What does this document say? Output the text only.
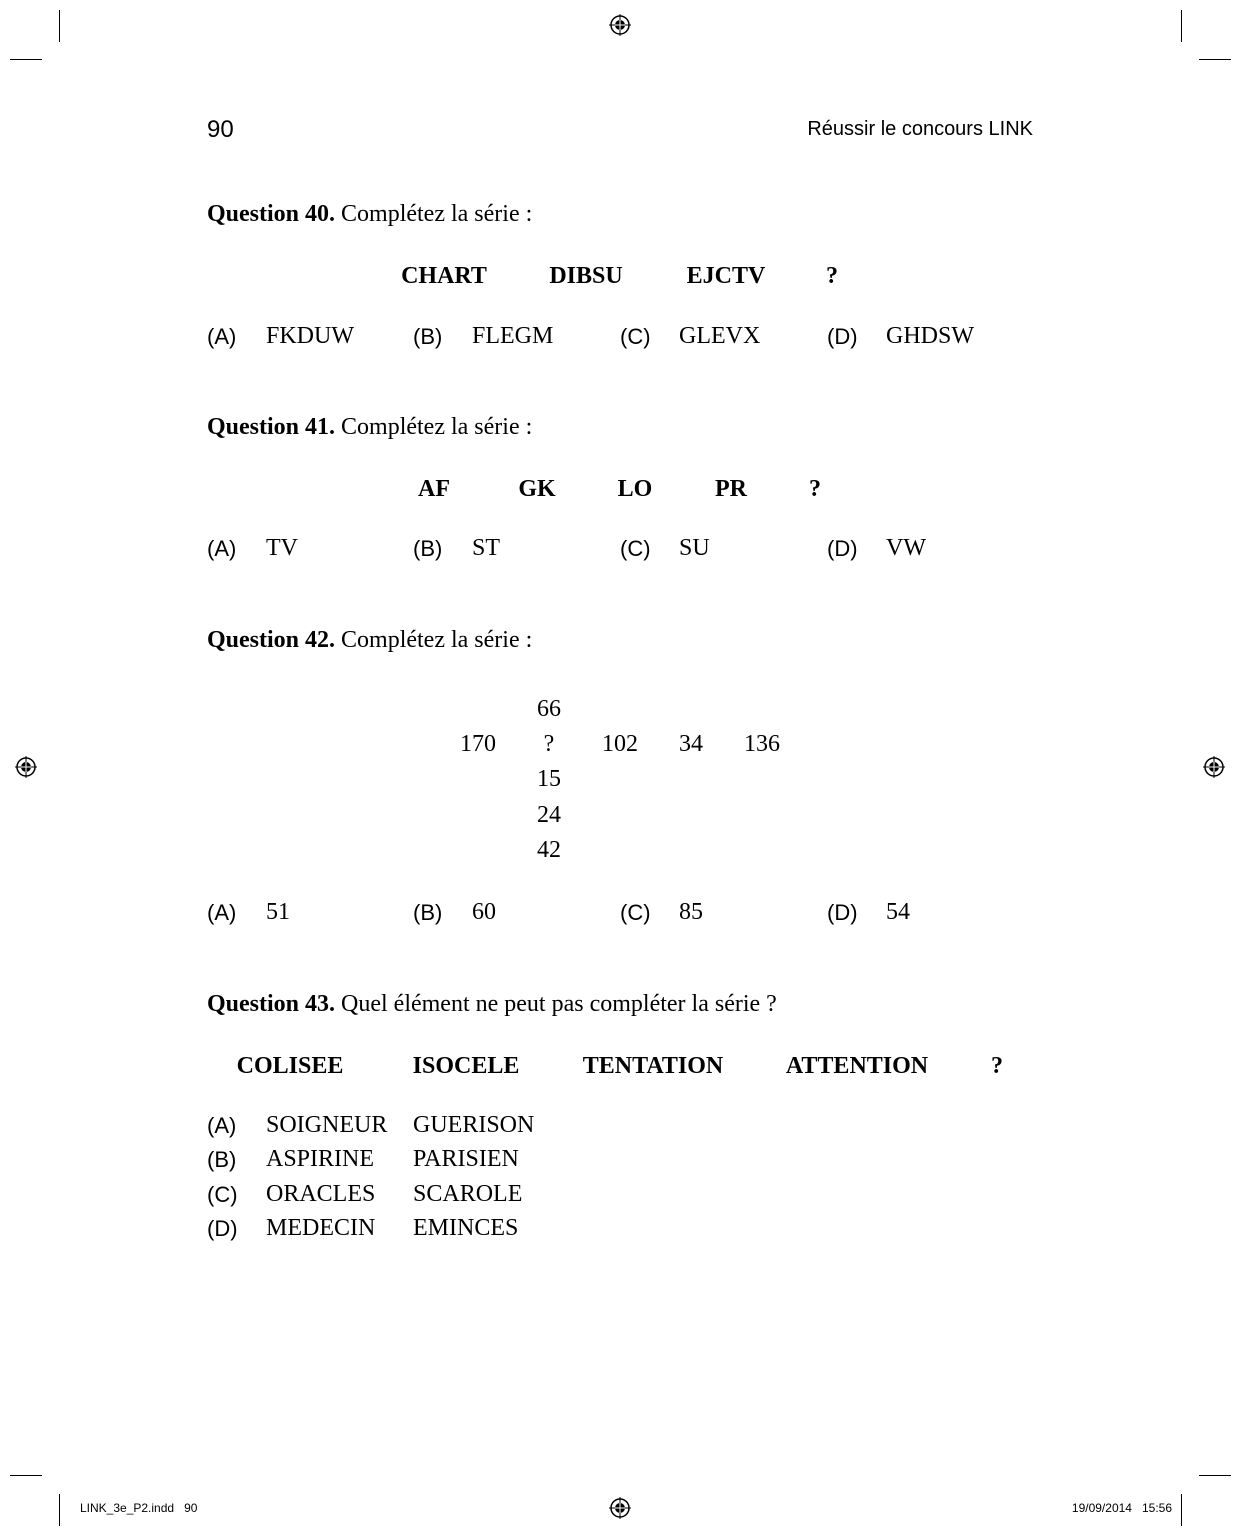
90	Réussir le concours LINK
Question 40. Complétez la série :
CHART	DIBSU	EJCTV	?
(A) FKDUW	(B) FLEGM	(C) GLEVX	(D) GHDSW
Question 41. Complétez la série :
AF	GK	LO	PR	?
(A) TV	(B) ST	(C) SU	(D) VW
Question 42. Complétez la série :
66
170 ? 102 34 136
15
24
42
(A) 51	(B) 60	(C) 85	(D) 54
Question 43. Quel élément ne peut pas compléter la série ?
COLISEE	ISOCELE	TENTATION	ATTENTION	?
(A) SOIGNEUR GUERISON
(B) ASPIRINE PARISIEN
(C) ORACLES SCAROLE
(D) MEDECIN EMINCES
LINK_3e_P2.indd   90	19/09/2014   15:56
